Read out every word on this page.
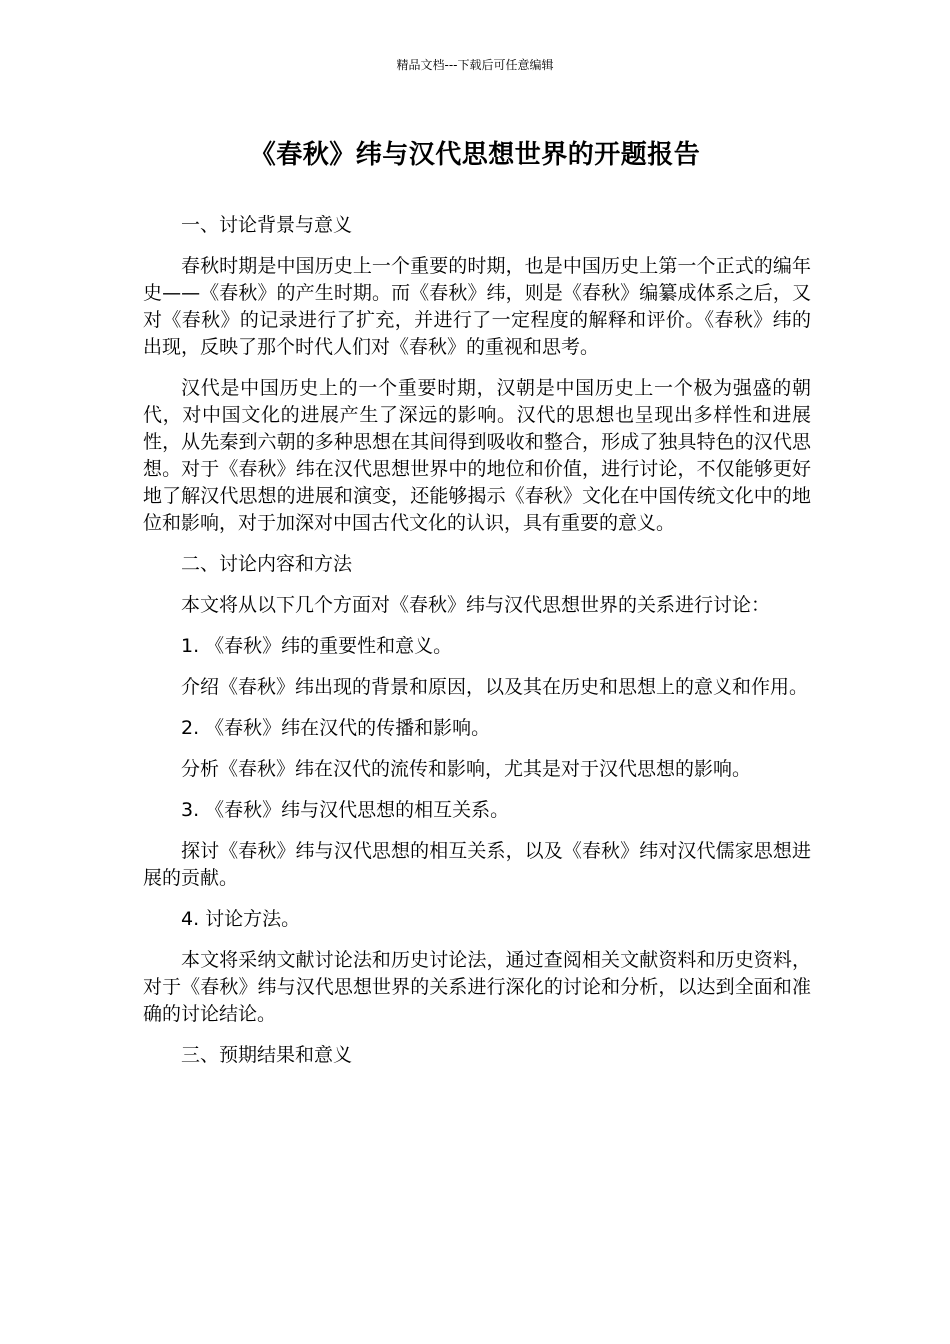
精品文档---下载后可任意编辑
《春秋》纬与汉代思想世界的开题报告

一、讨论背景与意义

春秋时期是中国历史上一个重要的时期，也是中国历史上第一个正式的编年史——《春秋》的产生时期。而《春秋》纬，则是《春秋》编纂成体系之后，又对《春秋》的记录进行了扩充，并进行了一定程度的解释和评价。《春秋》纬的出现，反映了那个时代人们对《春秋》的重视和思考。

汉代是中国历史上的一个重要时期，汉朝是中国历史上一个极为强盛的朝代，对中国文化的进展产生了深远的影响。汉代的思想也呈现出多样性和进展性，从先秦到六朝的多种思想在其间得到吸收和整合，形成了独具特色的汉代思想。对于《春秋》纬在汉代思想世界中的地位和价值，进行讨论，不仅能够更好地了解汉代思想的进展和演变，还能够揭示《春秋》文化在中国传统文化中的地位和影响，对于加深对中国古代文化的认识，具有重要的意义。

二、讨论内容和方法

本文将从以下几个方面对《春秋》纬与汉代思想世界的关系进行讨论：

1. 《春秋》纬的重要性和意义。

介绍《春秋》纬出现的背景和原因，以及其在历史和思想上的意义和作用。

2. 《春秋》纬在汉代的传播和影响。

分析《春秋》纬在汉代的流传和影响，尤其是对于汉代思想的影响。

3. 《春秋》纬与汉代思想的相互关系。

探讨《春秋》纬与汉代思想的相互关系，以及《春秋》纬对汉代儒家思想进展的贡献。

4. 讨论方法。

本文将采纳文献讨论法和历史讨论法，通过查阅相关文献资料和历史资料，对于《春秋》纬与汉代思想世界的关系进行深化的讨论和分析，以达到全面和准确的讨论结论。

三、预期结果和意义
